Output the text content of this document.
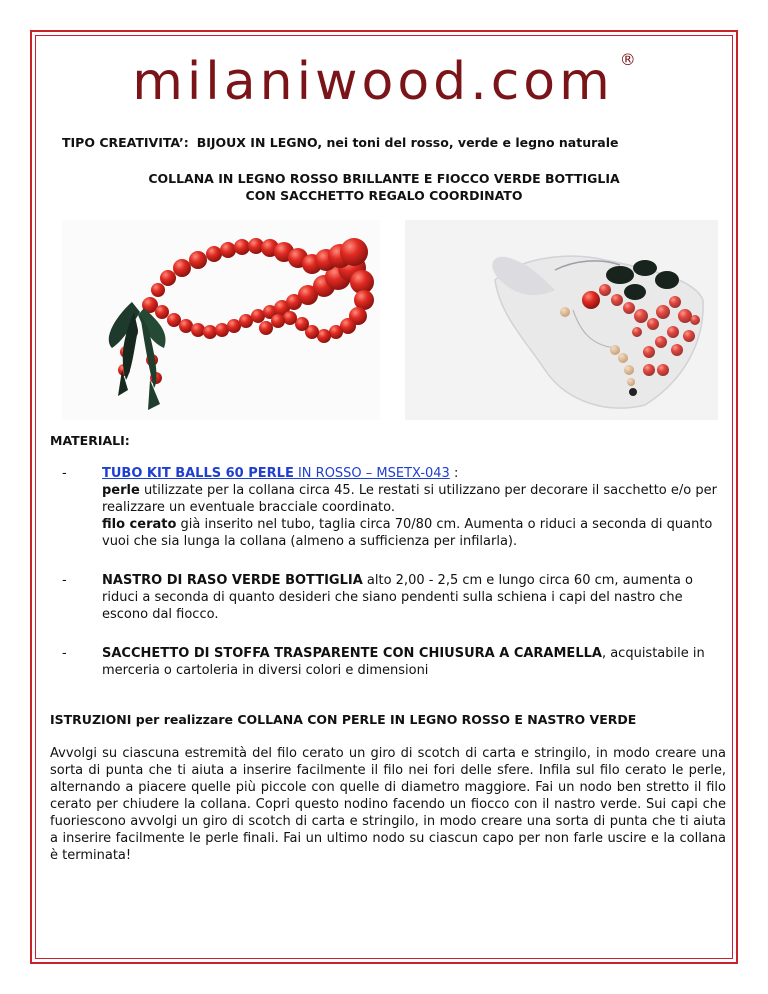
milaniwood.com ®
TIPO CREATIVITA’: BIJOUX IN LEGNO, nei toni del rosso, verde e legno naturale
COLLANA IN LEGNO ROSSO BRILLANTE E FIOCCO VERDE BOTTIGLIA
CON SACCHETTO REGALO COORDINATO
MATERIALI:
-	TUBO KIT BALLS 60 PERLE IN ROSSO – MSETX-043 :
perle utilizzate per la collana circa 45. Le restati si utilizzano per decorare il sacchetto e/o per realizzare un eventuale bracciale coordinato.
filo cerato già inserito nel tubo, taglia circa 70/80 cm. Aumenta o riduci a seconda di quanto vuoi che sia lunga la collana (almeno a sufficienza per infilarla).
-	NASTRO DI RASO VERDE BOTTIGLIA alto 2,00 - 2,5 cm e lungo circa 60 cm, aumenta o riduci a seconda di quanto desideri che siano pendenti sulla schiena i capi del nastro che escono dal fiocco.
-	SACCHETTO DI STOFFA TRASPARENTE CON CHIUSURA A CARAMELLA, acquistabile in merceria o cartoleria in diversi colori e dimensioni
ISTRUZIONI per realizzare COLLANA CON PERLE IN LEGNO ROSSO E NASTRO VERDE
Avvolgi su ciascuna estremità del filo cerato un giro di scotch di carta e stringilo, in modo creare una sorta di punta che ti aiuta a inserire facilmente il filo nei fori delle sfere. Infila sul filo cerato le perle, alternando a piacere quelle più piccole con quelle di diametro maggiore. Fai un nodo ben stretto il filo cerato per chiudere la collana. Copri questo nodino facendo un fiocco con il nastro verde. Sui capi che fuoriescono avvolgi un giro di scotch di carta e stringilo, in modo creare una sorta di punta che ti aiuta a inserire facilmente le perle finali. Fai un ultimo nodo su ciascun capo per non farle uscire e la collana è terminata!
